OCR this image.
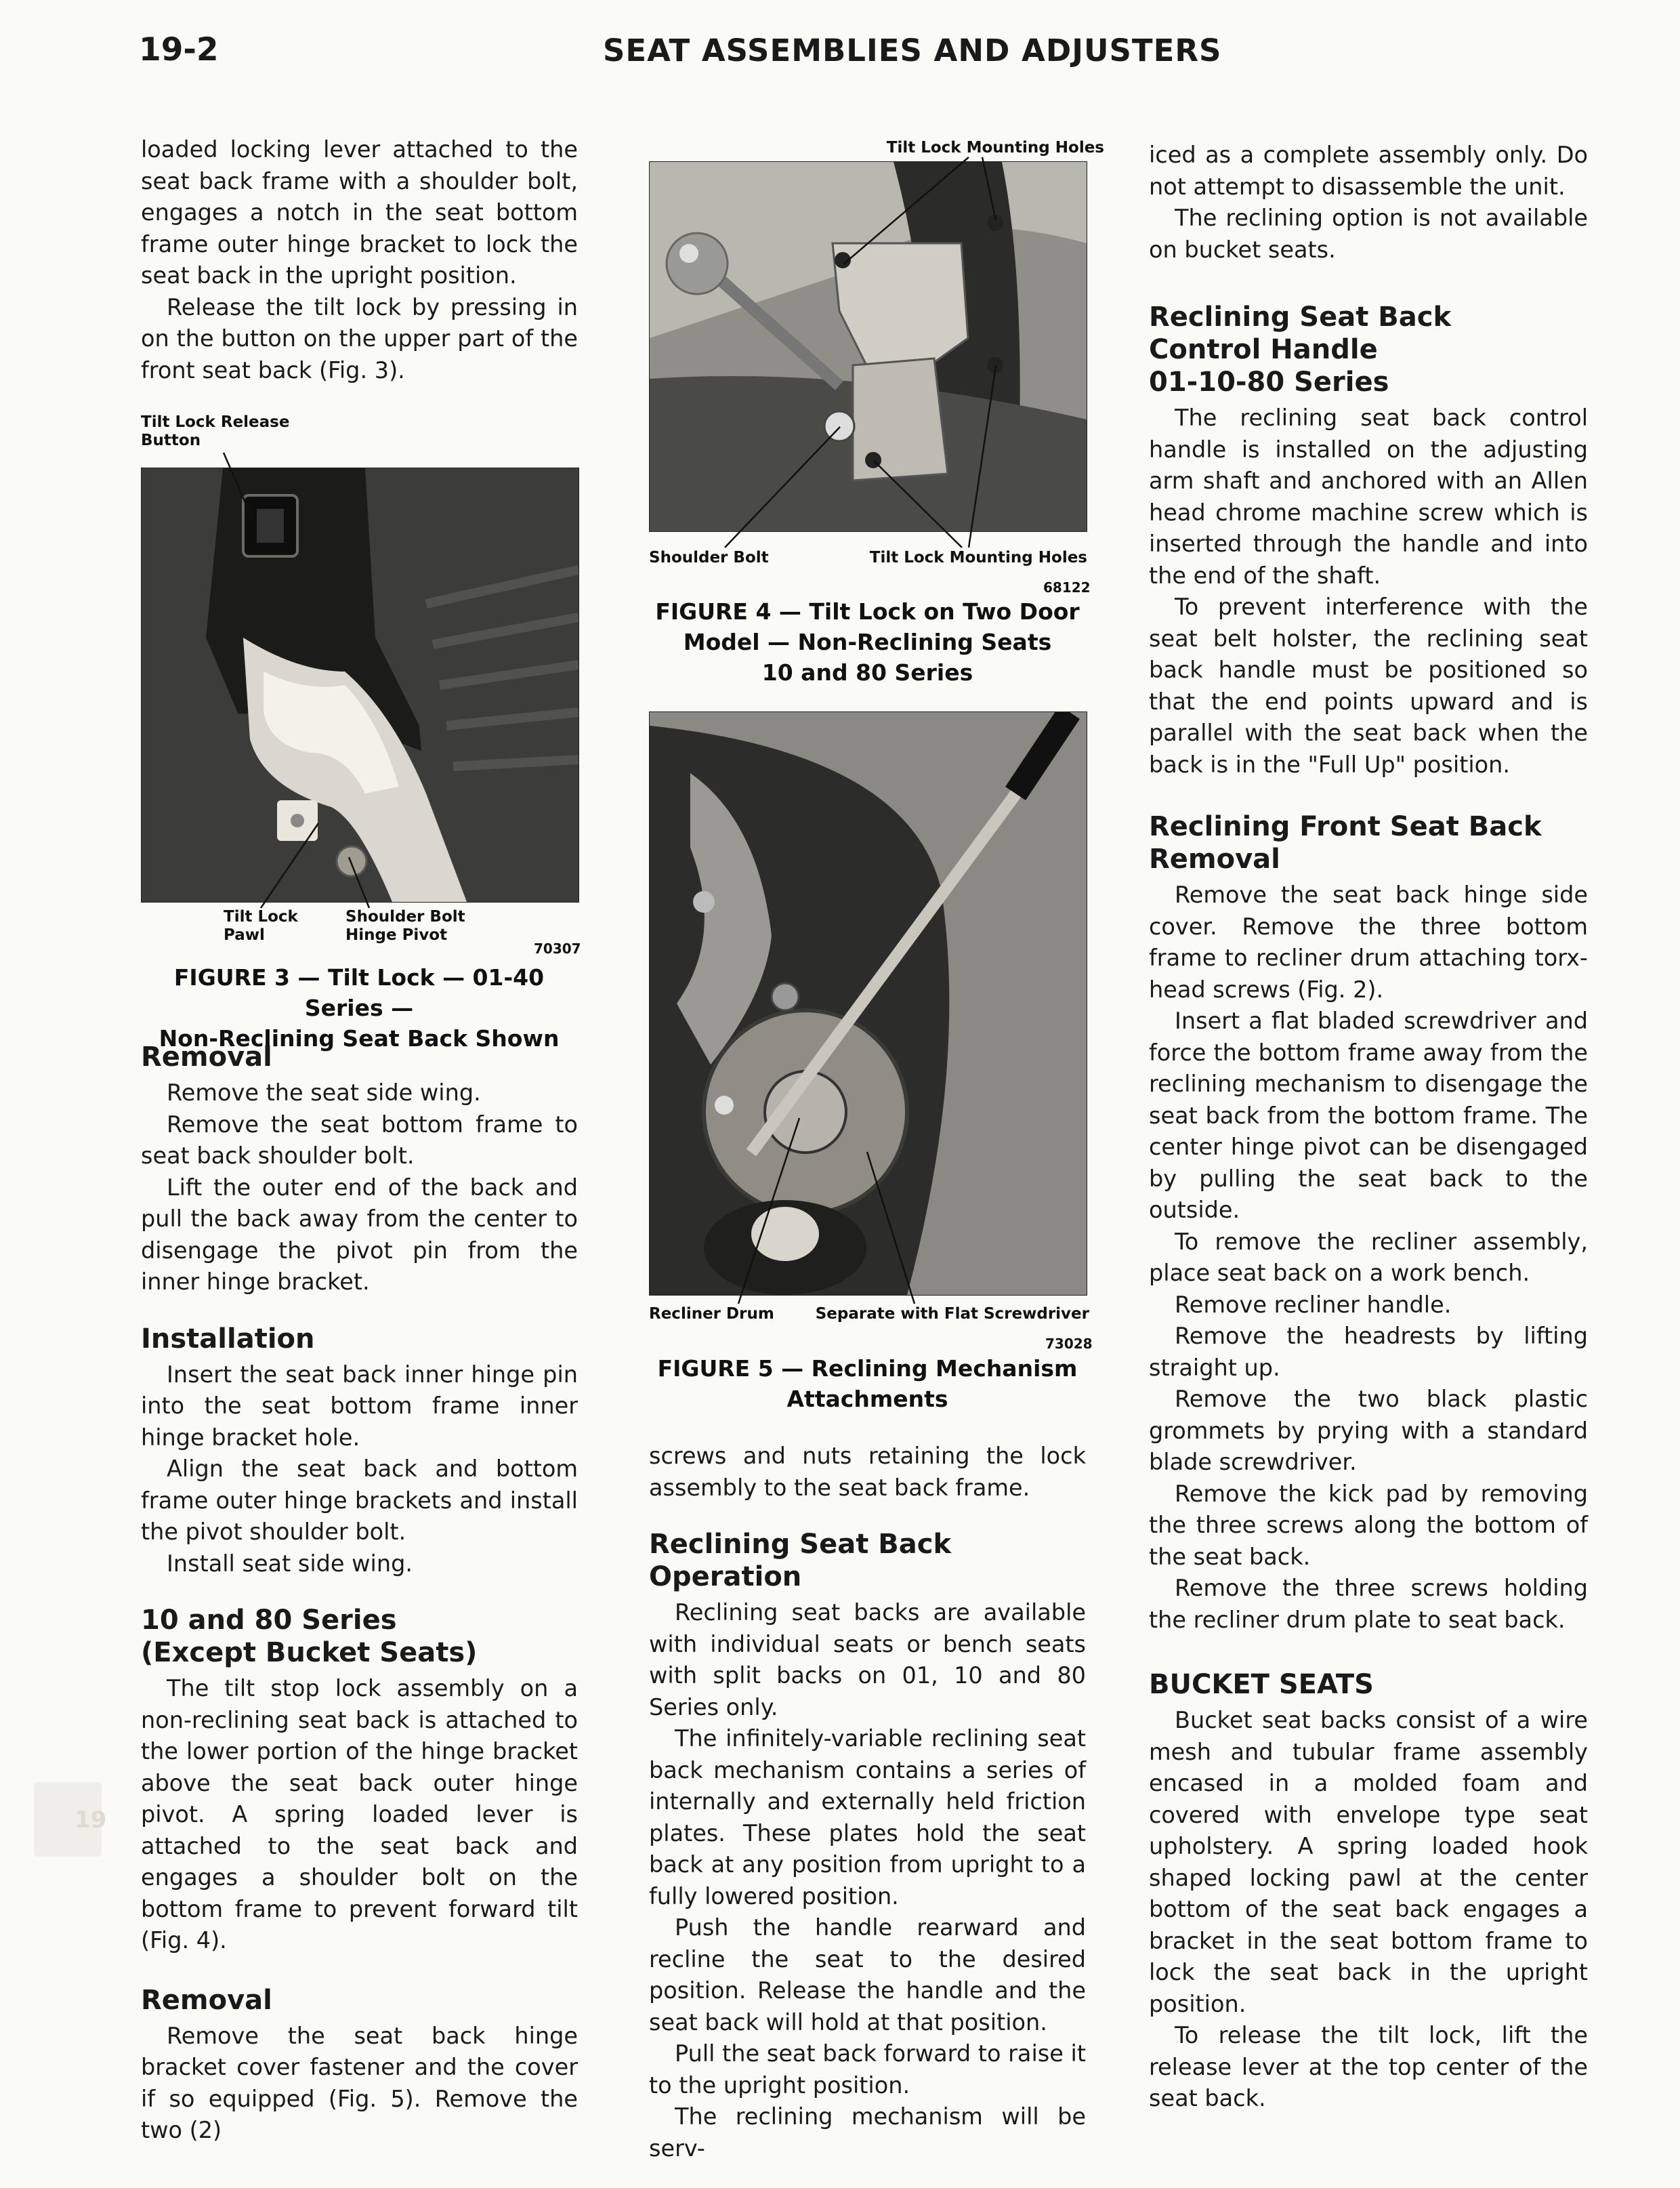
19-2	SEAT ASSEMBLIES AND ADJUSTERS
19

loaded locking lever attached to the seat back frame with a shoulder bolt, engages a notch in the seat bottom frame outer hinge bracket to lock the seat back in the upright position.

Release the tilt lock by pressing in on the button on the upper part of the front seat back (Fig. 3).

Tilt Lock Release Button
Tilt Lock Pawl
Shoulder Bolt Hinge Pivot
70307
FIGURE 3 — Tilt Lock — 01-40 Series —
Non-Reclining Seat Back Shown
Removal

Remove the seat side wing.

Remove the seat bottom frame to seat back shoulder bolt.

Lift the outer end of the back and pull the back away from the center to disengage the pivot pin from the inner hinge bracket.

Installation

Insert the seat back inner hinge pin into the seat bottom frame inner hinge bracket hole.

Align the seat back and bottom frame outer hinge brackets and install the pivot shoulder bolt.

Install seat side wing.

10 and 80 Series
(Except Bucket Seats)

The tilt stop lock assembly on a non-reclining seat back is attached to the lower portion of the hinge bracket above the seat back outer hinge pivot. A spring loaded lever is attached to the seat back and engages a shoulder bolt on the bottom frame to prevent forward tilt (Fig. 4).

Removal

Remove the seat back hinge bracket cover fastener and the cover if so equipped (Fig. 5). Remove the two (2)

Tilt Lock Mounting Holes
Shoulder Bolt	Tilt Lock Mounting Holes
68122
FIGURE 4 — Tilt Lock on Two Door
Model — Non-Reclining Seats
10 and 80 Series
Recliner Drum	Separate with Flat Screwdriver
73028
FIGURE 5 — Reclining Mechanism
Attachments

screws and nuts retaining the lock assembly to the seat back frame.

Reclining Seat Back Operation

Reclining seat backs are available with individual seats or bench seats with split backs on 01, 10 and 80 Series only.

The infinitely-variable reclining seat back mechanism contains a series of internally and externally held friction plates. These plates hold the seat back at any position from upright to a fully lowered position.

Push the handle rearward and recline the seat to the desired position. Release the handle and the seat back will hold at that position.

Pull the seat back forward to raise it to the upright position.

The reclining mechanism will be serv-

iced as a complete assembly only. Do not attempt to disassemble the unit.

The reclining option is not available on bucket seats.

Reclining Seat Back
Control Handle
01-10-80 Series

The reclining seat back control handle is installed on the adjusting arm shaft and anchored with an Allen head chrome machine screw which is inserted through the handle and into the end of the shaft.

To prevent interference with the seat belt holster, the reclining seat back handle must be positioned so that the end points upward and is parallel with the seat back when the back is in the "Full Up" position.

Reclining Front Seat Back
Removal

Remove the seat back hinge side cover. Remove the three bottom frame to recliner drum attaching torx-head screws (Fig. 2).

Insert a flat bladed screwdriver and force the bottom frame away from the reclining mechanism to disengage the seat back from the bottom frame. The center hinge pivot can be disengaged by pulling the seat back to the outside.

To remove the recliner assembly, place seat back on a work bench.

Remove recliner handle.

Remove the headrests by lifting straight up.

Remove the two black plastic grommets by prying with a standard blade screwdriver.

Remove the kick pad by removing the three screws along the bottom of the seat back.

Remove the three screws holding the recliner drum plate to seat back.

BUCKET SEATS

Bucket seat backs consist of a wire mesh and tubular frame assembly encased in a molded foam and covered with envelope type seat upholstery. A spring loaded hook shaped locking pawl at the center bottom of the seat back engages a bracket in the seat bottom frame to lock the seat back in the upright position.

To release the tilt lock, lift the release lever at the top center of the seat back.
